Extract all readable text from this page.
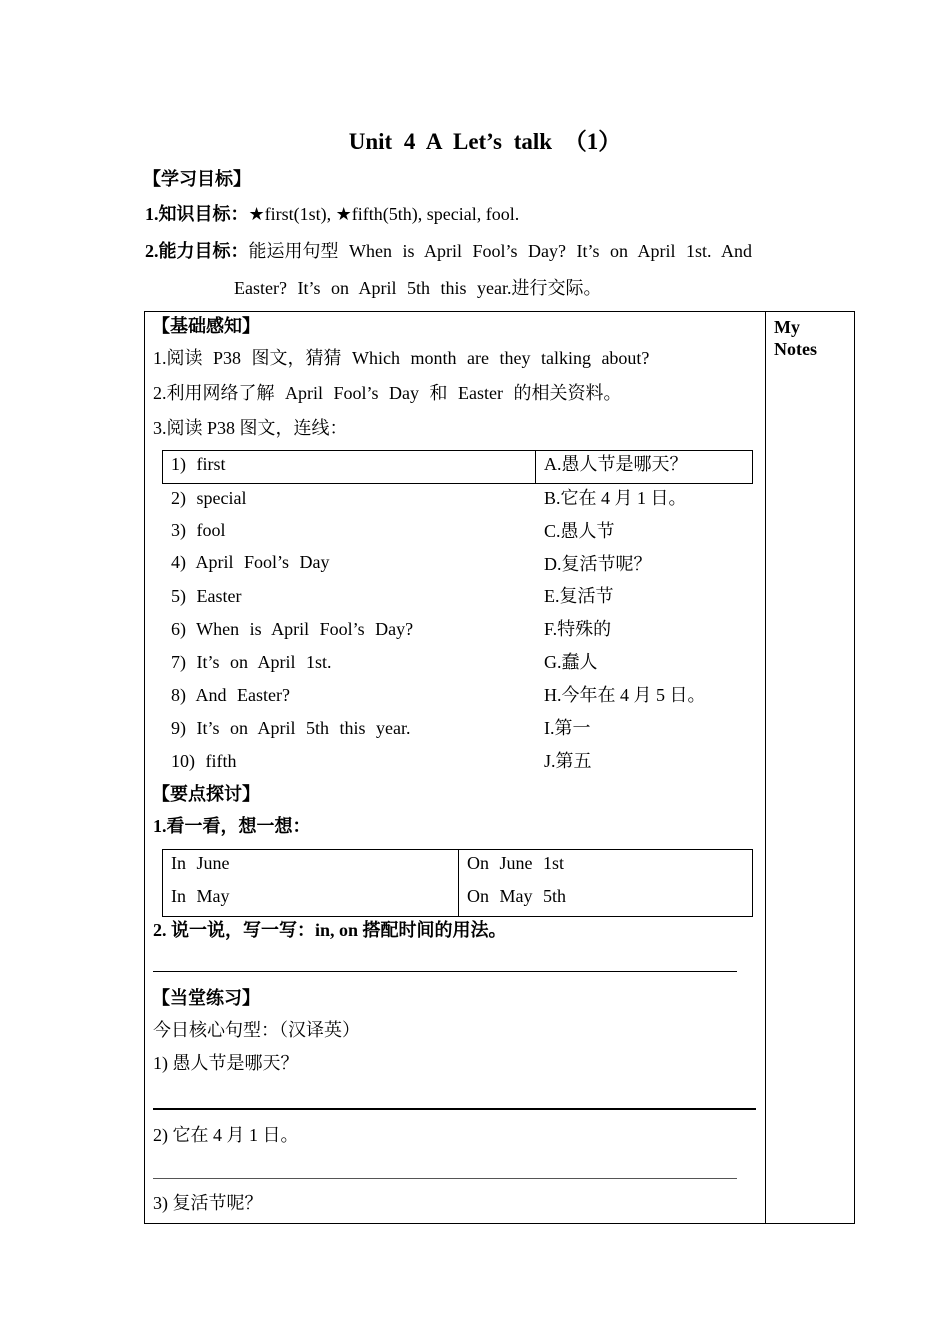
Unit 4 A Let’s talk （1）
【学习目标】
1.知识目标：★first(1st), ★fifth(5th), special, fool.
2.能力目标：能运用句型 When is April Fool’s Day? It’s on April 1st. And
Easter? It’s on April 5th this year.进行交际。
My Notes
【基础感知】
1.阅读 P38 图文，猜猜 Which month are they talking about?
2.利用网络了解 April Fool’s Day 和 Easter 的相关资料。
3.阅读 P38 图文，连线：
1) first
2) special
3) fool
4) April Fool’s Day
5) Easter
6) When is April Fool’s Day?
7) It’s on April 1st.
8) And Easter?
9) It’s on April 5th this year.
10) fifth
A.愚人节是哪天？
B.它在 4 月 1 日。
C.愚人节
D.复活节呢？
E.复活节
F.特殊的
G.蠢人
H.今年在 4 月 5 日。
I.第一
J.第五
【要点探讨】
1.看一看，想一想：
In June
In May
On June 1st
On May 5th
2. 说一说，写一写：in, on 搭配时间的用法。
【当堂练习】
今日核心句型：（汉译英）
1) 愚人节是哪天？
2) 它在 4 月 1 日。
3) 复活节呢？
